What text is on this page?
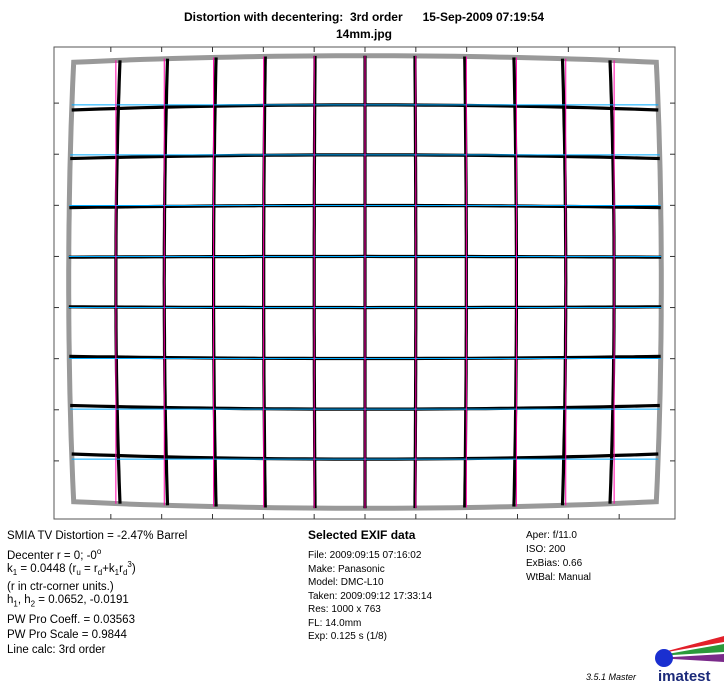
Distortion with decentering:  3rd order      15-Sep-2009 07:19:54
14mm.jpg
SMIA TV Distortion = -2.47% Barrel
Decenter r = 0; -0$^o$
$k_1 = 0.0448$ $(r_u = r_d+k_1r_d^3)$
(r in ctr-corner units.)
$h_1$, $h_2 = 0.0652$, -0.0191
PW Pro Coeff. = 0.03563
PW Pro Scale = 0.9844
Line calc: 3rd order
Selected EXIF data
File: 2009:09:15 07:16:02
Make: Panasonic
Model: DMC-L10
Taken: 2009:09:12 17:33:14
Res: 1000 x 763
FL: 14.0mm
Exp: 0.125 s (1/8)
Aper: f/11.0
ISO: 200
ExBias: 0.66
WtBal: Manual
3.5.1 Master imatest
